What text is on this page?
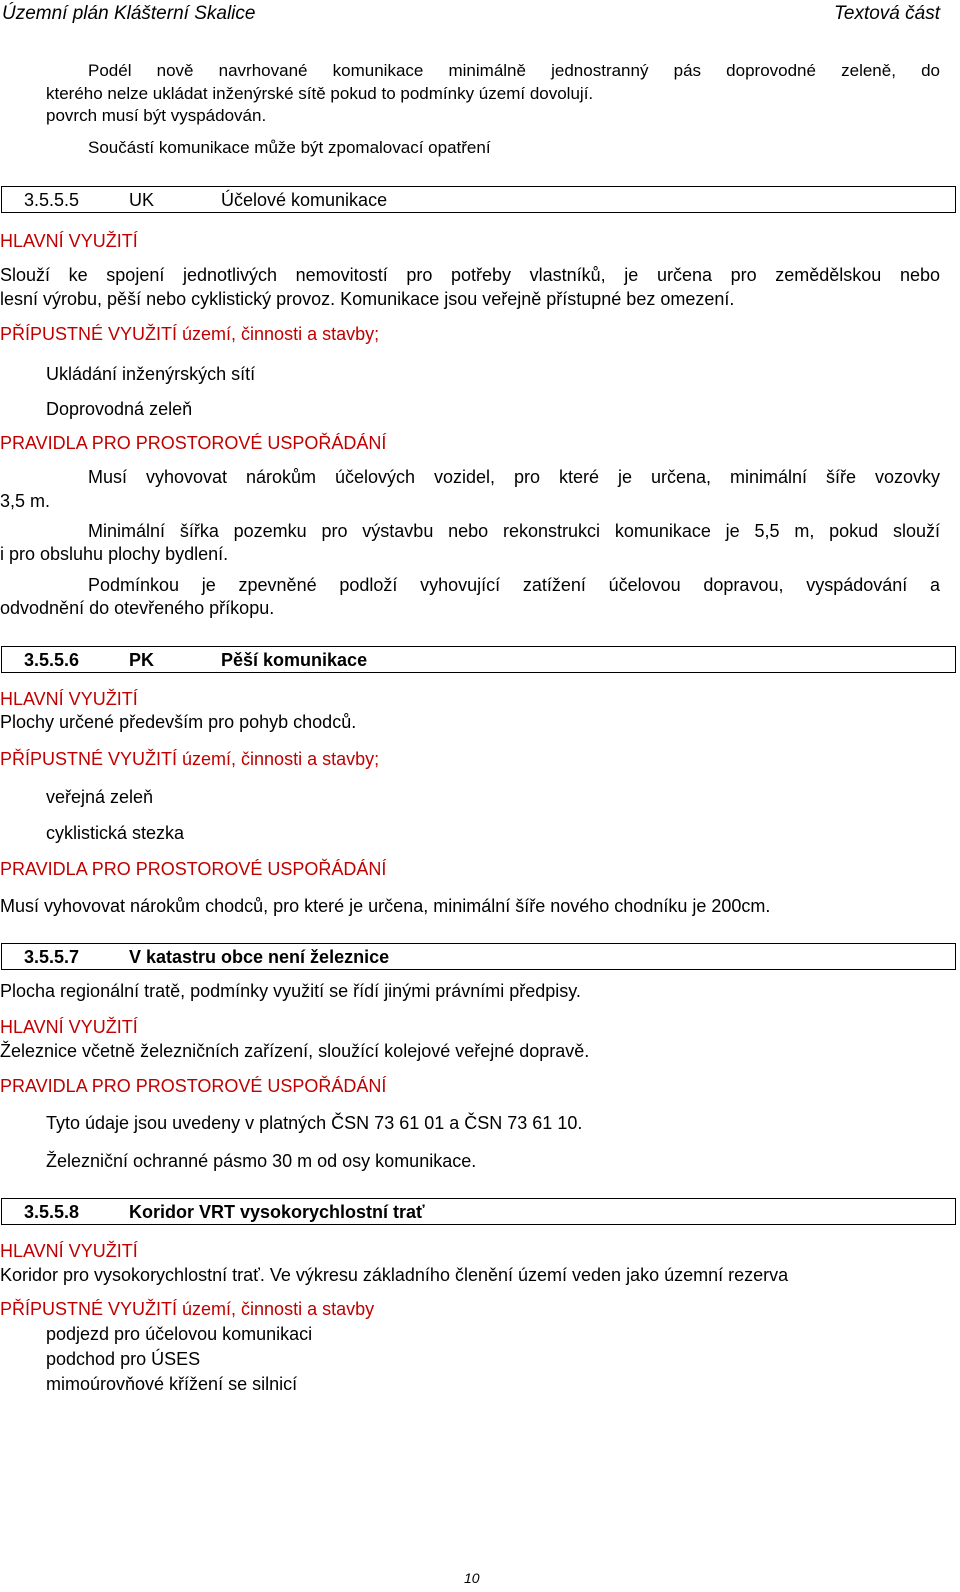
Územní plán Klášterní Skalice	Textová část
Podél nově navrhované komunikace minimálně jednostranný pás doprovodné zeleně, do
kterého nelze ukládat inženýrské sítě pokud to podmínky území dovolují.
povrch musí být vyspádován.
Součástí komunikace může být zpomalovací opatření
3.5.5.5	UK	Účelové komunikace
HLAVNÍ VYUŽITÍ
Slouží ke spojení jednotlivých nemovitostí pro potřeby vlastníků, je určena pro zemědělskou nebo
lesní výrobu, pěší nebo cyklistický provoz. Komunikace jsou veřejně přístupné bez omezení.
PŘÍPUSTNÉ VYUŽITÍ území, činnosti a stavby;
Ukládání inženýrských sítí
Doprovodná zeleň
PRAVIDLA PRO PROSTOROVÉ USPOŘÁDÁNÍ
Musí vyhovovat nárokům účelových vozidel, pro které je určena, minimální šíře vozovky
3,5 m.
Minimální šířka pozemku pro výstavbu nebo rekonstrukci komunikace je 5,5 m, pokud slouží
i pro obsluhu plochy bydlení.
Podmínkou je zpevněné podloží vyhovující zatížení účelovou dopravou, vyspádování a
odvodnění do otevřeného příkopu.
3.5.5.6	PK	Pěší komunikace
HLAVNÍ VYUŽITÍ
Plochy určené především pro pohyb chodců.
PŘÍPUSTNÉ VYUŽITÍ území, činnosti a stavby;
veřejná zeleň
cyklistická stezka
PRAVIDLA PRO PROSTOROVÉ USPOŘÁDÁNÍ
Musí vyhovovat nárokům chodců, pro které je určena, minimální šíře nového chodníku je 200cm.
3.5.5.7	V katastru obce není železnice
Plocha regionální tratě, podmínky využití se řídí jinými právními předpisy.
HLAVNÍ VYUŽITÍ
Železnice včetně železničních zařízení, sloužící kolejové veřejné dopravě.
PRAVIDLA PRO PROSTOROVÉ USPOŘÁDÁNÍ
Tyto údaje jsou uvedeny v platných ČSN 73 61 01 a ČSN 73 61 10.
Železniční ochranné pásmo 30 m od osy komunikace.
3.5.5.8	Koridor VRT vysokorychlostní trať
HLAVNÍ VYUŽITÍ
Koridor pro vysokorychlostní trať. Ve výkresu základního členění území veden jako územní rezerva
PŘÍPUSTNÉ VYUŽITÍ území, činnosti a stavby
podjezd pro účelovou komunikaci
podchod pro ÚSES
mimoúrovňové křížení se silnicí
10
